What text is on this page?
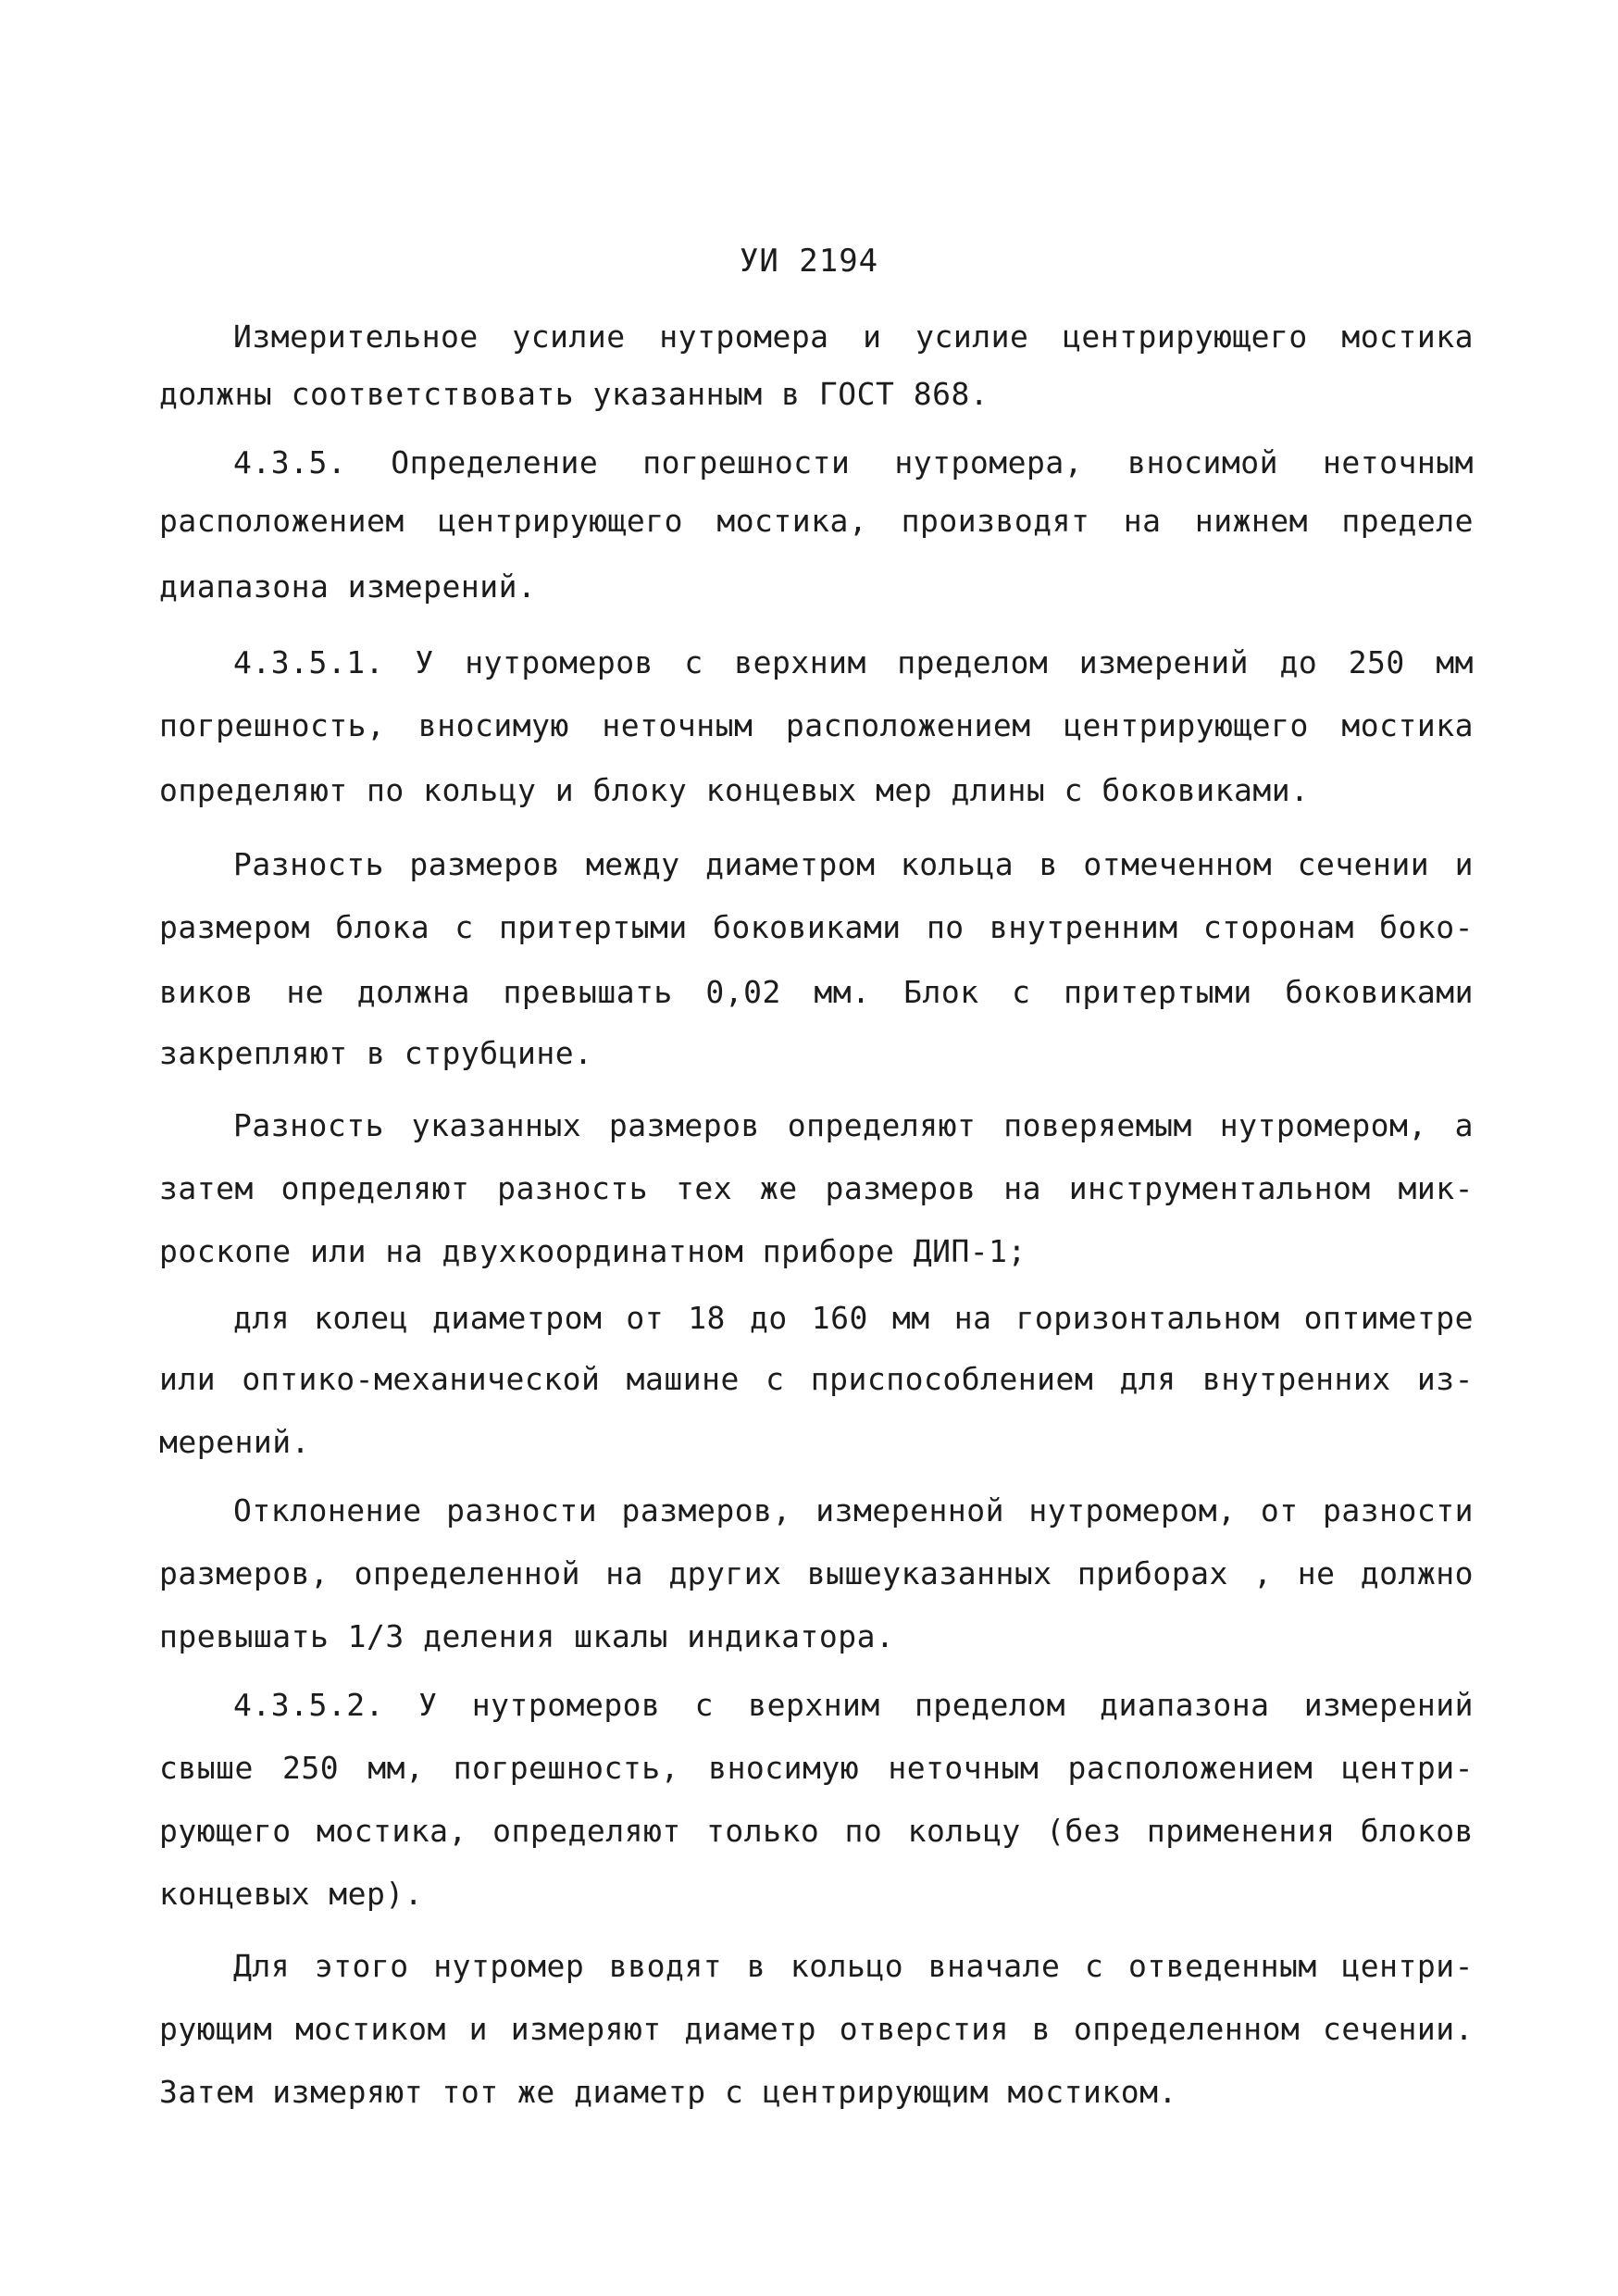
УИ 2194
Измерительное усилие нутромера и усилие центрирующего мостика
должны соответствовать указанным в ГОСТ 868.
4.3.5. Определение погрешности нутромера, вносимой неточным
расположением центрирующего мостика, производят на нижнем пределе
диапазона измерений.
4.3.5.1. У нутромеров с верхним пределом измерений до 250 мм
погрешность, вносимую неточным расположением центрирующего мостика
определяют по кольцу и блоку концевых мер длины с боковиками.
Разность размеров между диаметром кольца в отмеченном сечении и
размером блока с притертыми боковиками по внутренним сторонам боко-
виков не должна превышать 0,02 мм. Блок с притертыми боковиками
закрепляют в струбцине.
Разность указанных размеров определяют поверяемым нутромером, а
затем определяют разность тех же размеров на инструментальном мик-
роскопе или на двухкоординатном приборе ДИП-1;
для колец диаметром от 18 до 160 мм на горизонтальном оптиметре
или оптико-механической машине с приспособлением для внутренних из-
мерений.
Отклонение разности размеров, измеренной нутромером, от разности
размеров, определенной на других вышеуказанных приборах , не должно
превышать 1/3 деления шкалы индикатора.
4.3.5.2. У нутромеров с верхним пределом диапазона измерений
свыше 250 мм, погрешность, вносимую неточным расположением центри-
рующего мостика, определяют только по кольцу (без применения блоков
концевых мер).
Для этого нутромер вводят в кольцо вначале с отведенным центри-
рующим мостиком и измеряют диаметр отверстия в определенном сечении.
Затем измеряют тот же диаметр с центрирующим мостиком.
